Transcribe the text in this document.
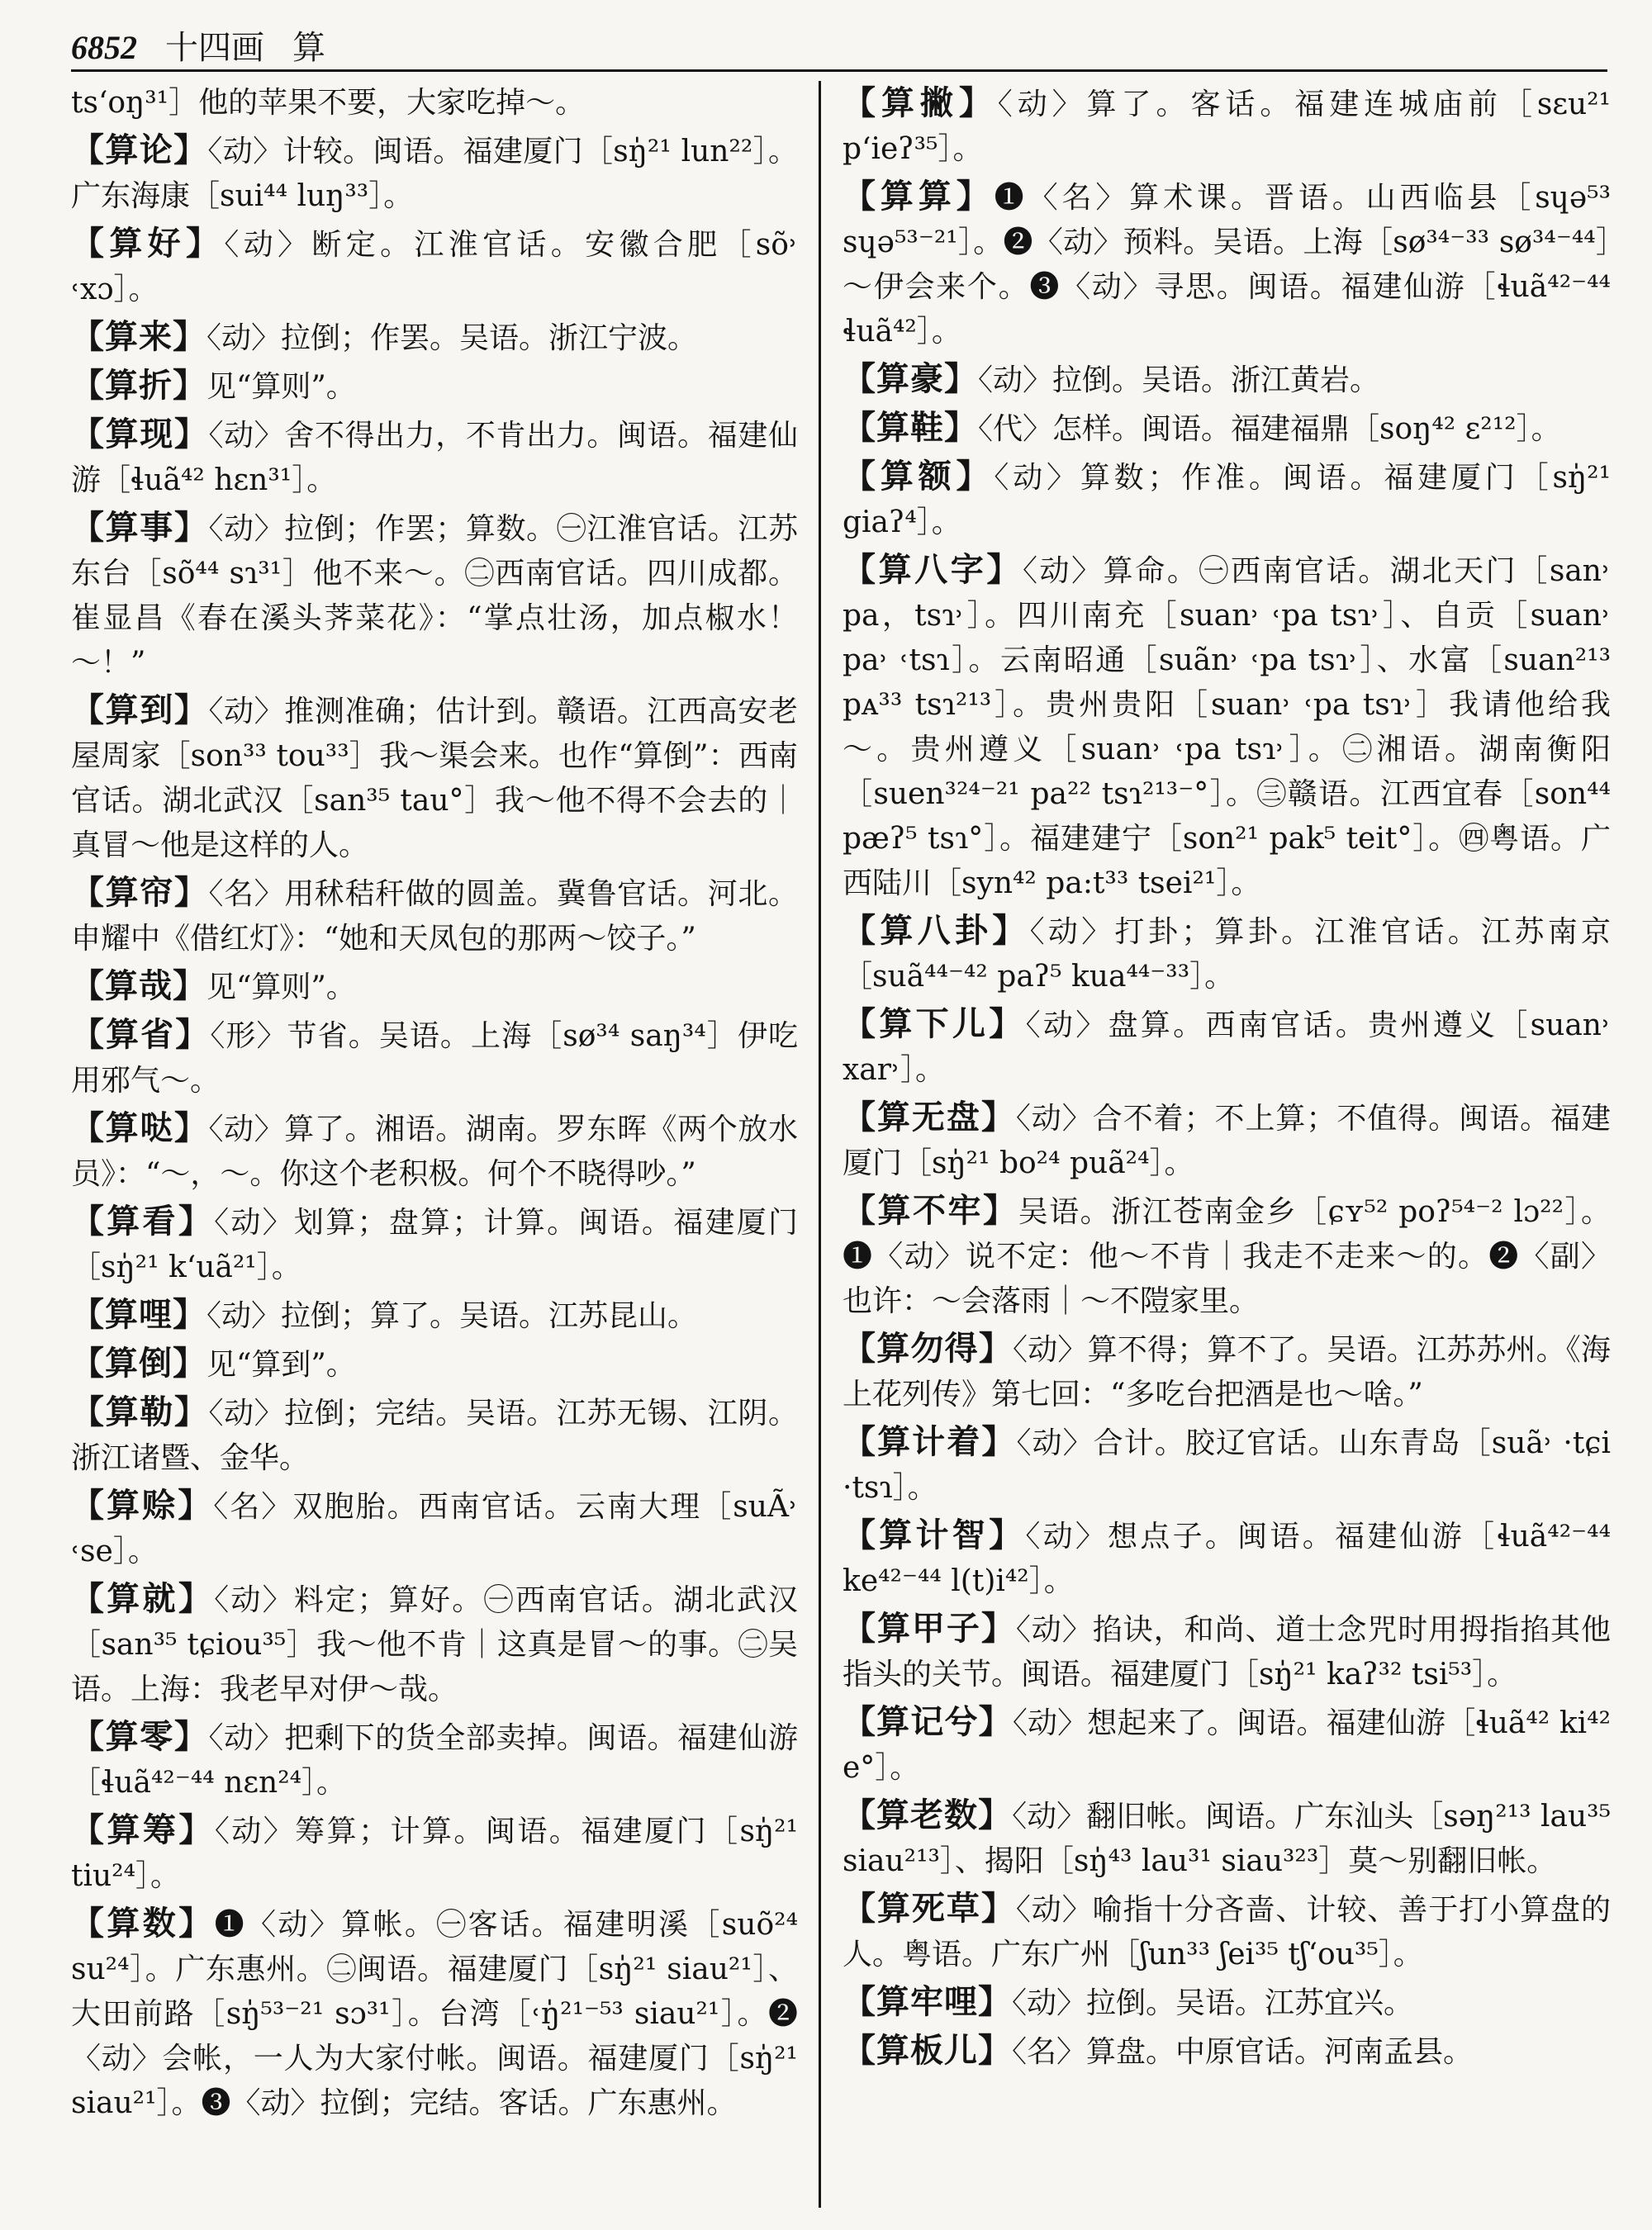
6852 十四画 算
ts‘oŋ³¹］他的苹果不要，大家吃掉～。
【 算论 】 〈动〉计较。闽语。福建厦门［sŋ̍²¹ lun²²］。广东海康［sui⁴⁴ luŋ³³］。
【 算好 】 〈动〉断定。江淮官话。安徽合肥［sõ˒ ˓xɔ］。
【 算来 】 〈动〉拉倒；作罢。吴语。浙江宁波。
【 算折 】 见“算则”。
【 算现 】 〈动〉舍不得出力，不肯出力。闽语。福建仙游［ɬuã⁴² hɛn³¹］。
【 算事 】 〈动〉拉倒；作罢；算数。㊀江淮官话。江苏东台［sõ⁴⁴ sɿ³¹］他不来～。㊁西南官话。四川成都。崔显昌《春在溪头荠菜花》：“掌点壮汤，加点椒水！～！”
【 算到 】 〈动〉推测准确；估计到。赣语。江西高安老屋周家［son³³ tou³³］我～渠会来。也作“算倒”：西南官话。湖北武汉［san³⁵ tau°］我～他不得不会去的｜真冒～他是这样的人。
【 算帘 】 〈名〉用秫秸秆做的圆盖。冀鲁官话。河北。申耀中《借红灯》：“她和天凤包的那两～饺子。”
【 算哉 】 见“算则”。
【 算省 】 〈形〉节省。吴语。上海［sø³⁴ saŋ³⁴］伊吃用邪气～。
【 算哒 】 〈动〉算了。湘语。湖南。罗东晖《两个放水员》：“～，～。你这个老积极。何个不晓得吵。”
【 算看 】 〈动〉划算；盘算；计算。闽语。福建厦门［sŋ̍²¹ k‘uã²¹］。
【 算哩 】 〈动〉拉倒；算了。吴语。江苏昆山。
【 算倒 】 见“算到”。
【 算勒 】 〈动〉拉倒；完结。吴语。江苏无锡、江阴。浙江诸暨、金华。
【 算赊 】 〈名〉双胞胎。西南官话。云南大理［suÃ˒ ˓se］。
【 算就 】 〈动〉料定；算好。㊀西南官话。湖北武汉［san³⁵ tɕiou³⁵］我～他不肯｜这真是冒～的事。㊁吴语。上海：我老早对伊～哉。
【 算零 】 〈动〉把剩下的货全部卖掉。闽语。福建仙游［ɬuã⁴²⁻⁴⁴ nɛn²⁴］。
【 算筹 】 〈动〉筹算；计算。闽语。福建厦门［sŋ̍²¹ tiu²⁴］。
【 算数 】 ❶〈动〉算帐。㊀客话。福建明溪［suõ²⁴ su²⁴］。广东惠州。㊁闽语。福建厦门［sŋ̍²¹ siau²¹］、大田前路［sŋ̍⁵³⁻²¹ sɔ³¹］。台湾［˓ŋ̍²¹⁻⁵³ siau²¹］。❷〈动〉会帐，一人为大家付帐。闽语。福建厦门［sŋ̍²¹ siau²¹］。❸〈动〉拉倒；完结。客话。广东惠州。
【 算撇 】 〈动〉算了。客话。福建连城庙前［sɛu²¹ p‘ieʔ³⁵］。
【 算算 】 ❶〈名〉算术课。晋语。山西临县［sɥə⁵³ sɥə⁵³⁻²¹］。❷〈动〉预料。吴语。上海［sø³⁴⁻³³ sø³⁴⁻⁴⁴］～伊会来个。❸〈动〉寻思。闽语。福建仙游［ɬuã⁴²⁻⁴⁴ ɬuã⁴²］。
【 算豪 】 〈动〉拉倒。吴语。浙江黄岩。
【 算鞋 】 〈代〉怎样。闽语。福建福鼎［soŋ⁴² ɛ²¹²］。
【 算额 】 〈动〉算数；作准。闽语。福建厦门［sŋ̍²¹ giaʔ⁴］。
【 算八字 】 〈动〉算命。㊀西南官话。湖北天门［san˒ pa，tsɿ˒］。四川南充［suan˒ ˓pa tsɿ˒］、自贡［suan˒ pa˒ ˓tsɿ］。云南昭通［suãn˒ ˓pa tsɿ˒］、水富［suan²¹³ pᴀ³³ tsɿ²¹³］。贵州贵阳［suan˒ ˓pa tsɿ˒］我请他给我～。贵州遵义［suan˒ ˓pa tsɿ˒］。㊁湘语。湖南衡阳［suen³²⁴⁻²¹ pa²² tsɿ²¹³⁻°］。㊂赣语。江西宜春［son⁴⁴ pæʔ⁵ tsɿ°］。福建建宁［son²¹ pak⁵ teit°］。㊃粤语。广西陆川［syn⁴² pa:t³³ tsei²¹］。
【 算八卦 】 〈动〉打卦；算卦。江淮官话。江苏南京［suã⁴⁴⁻⁴² paʔ⁵ kua⁴⁴⁻³³］。
【 算下儿 】 〈动〉盘算。西南官话。贵州遵义［suan˒ xar˒］。
【 算无盘 】 〈动〉合不着；不上算；不值得。闽语。福建厦门［sŋ̍²¹ bo²⁴ puã²⁴］。
【 算不牢 】 吴语。浙江苍南金乡［ɕʏ⁵² poʔ⁵⁴⁻² lɔ²²］。❶〈动〉说不定：他～不肯｜我走不走来～的。❷〈副〉也许：～会落雨｜～不隑家里。
【 算勿得 】 〈动〉算不得；算不了。吴语。江苏苏州。《海上花列传》第七回：“多吃台把酒是也～啥。”
【 算计着 】 〈动〉合计。胶辽官话。山东青岛［suã˒ ·tɕi ·tsɿ］。
【 算计智 】 〈动〉想点子。闽语。福建仙游［ɬuã⁴²⁻⁴⁴ ke⁴²⁻⁴⁴ l(t)i⁴²］。
【 算甲子 】 〈动〉掐诀，和尚、道士念咒时用拇指掐其他指头的关节。闽语。福建厦门［sŋ̍²¹ kaʔ³² tsi⁵³］。
【 算记兮 】 〈动〉想起来了。闽语。福建仙游［ɬuã⁴² ki⁴² e°］。
【 算老数 】 〈动〉翻旧帐。闽语。广东汕头［səŋ²¹³ lau³⁵ siau²¹³］、揭阳［sŋ̍⁴³ lau³¹ siau³²³］莫～别翻旧帐。
【 算死草 】 〈动〉喻指十分吝啬、计较、善于打小算盘的人。粤语。广东广州［ʃun³³ ʃei³⁵ tʃ‘ou³⁵］。
【 算牢哩 】 〈动〉拉倒。吴语。江苏宜兴。
【 算板儿 】 〈名〉算盘。中原官话。河南孟县。
